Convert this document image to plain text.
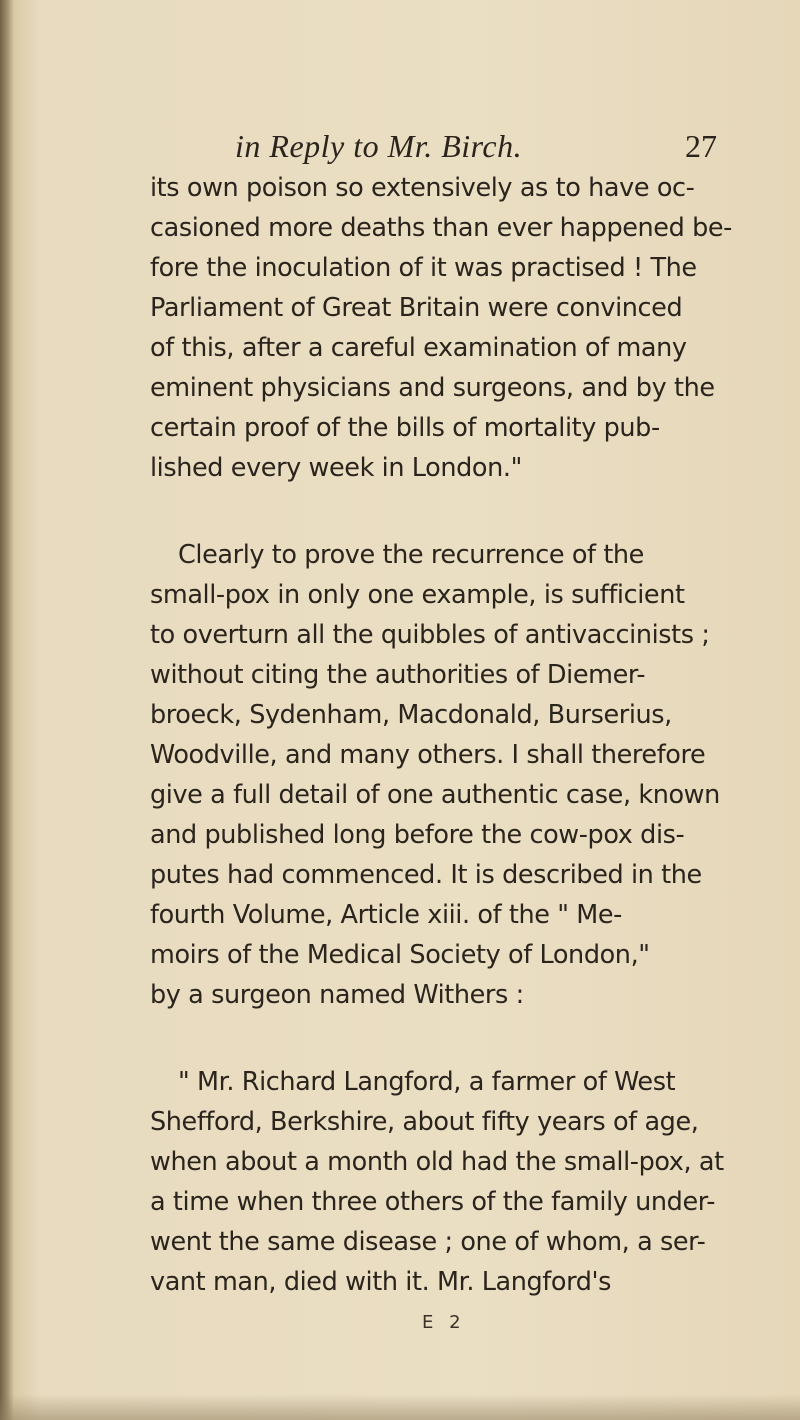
in Reply to Mr. Birch.	27
its own poison so extensively as to have oc-
casioned more deaths than ever happened be-
fore the inoculation of it was practised ! The
Parliament of Great Britain were convinced
of this, after a careful examination of many
eminent physicians and surgeons, and by the
certain proof of the bills of mortality pub-
lished every week in London."
Clearly to prove the recurrence of the
small-pox in only one example, is sufficient
to overturn all the quibbles of antivaccinists ;
without citing the authorities of Diemer-
broeck, Sydenham, Macdonald, Burserius,
Woodville, and many others. I shall therefore
give a full detail of one authentic case, known
and published long before the cow-pox dis-
putes had commenced. It is described in the
fourth Volume, Article xiii. of the " Me-
moirs of the Medical Society of London,"
by a surgeon named Withers :
" Mr. Richard Langford, a farmer of West
Shefford, Berkshire, about fifty years of age,
when about a month old had the small-pox, at
a time when three others of the family under-
went the same disease ; one of whom, a ser-
vant man, died with it. Mr. Langford's
E 2
